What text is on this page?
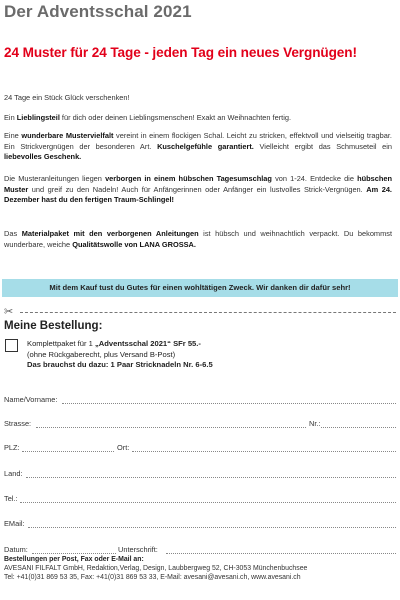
Der Adventsschal 2021
24 Muster für 24 Tage - jeden Tag ein neues Vergnügen!

24 Tage ein Stück Glück verschenken!

Ein Lieblingsteil für dich oder deinen Lieblingsmenschen! Exakt an Weihnachten fertig.

Eine wunderbare Mustervielfalt vereint in einem flockigen Schal. Leicht zu stricken, effektvoll und vielseitig tragbar. Ein Strickvergnügen der besonderen Art. Kuschelgefühle garantiert. Vielleicht ergibt das Schmuseteil ein liebevolles Geschenk.

Die Musteranleitungen liegen verborgen in einem hübschen Tagesumschlag von 1-24. Entdecke die hübschen Muster und greif zu den Nadeln! Auch für Anfängerinnen oder Anfänger ein lustvolles Strick-Vergnügen. Am 24. Dezember hast du den fertigen Traum-Schlingel!

Das Materialpaket mit den verborgenen Anleitungen ist hübsch und weihnachtlich verpackt. Du bekommst wunderbare, weiche Qualitätswolle von LANA GROSSA.

Mit dem Kauf tust du Gutes für einen wohltätigen Zweck. Wir danken dir dafür sehr!
✂
Meine Bestellung:
Komplettpaket für 1 „Adventsschal 2021“ SFr 55.-
(ohne Rückgaberecht, plus Versand B-Post)
Das brauchst du dazu: 1 Paar Stricknadeln Nr. 6-6.5
Name/Vorname:
Strasse:	Nr.:
PLZ:	Ort:
Land:
Tel.:
EMail:
Datum:	Unterschrift:
Bestellungen per Post, Fax oder E-Mail an:
AVESANI FILFALT GmbH, Redaktion,Verlag, Design, Laubbergweg 52, CH-3053 Münchenbuchsee
Tel: +41(0)31 869 53 35, Fax: +41(0)31 869 53 33, E-Mail: avesani@avesani.ch, www.avesani.ch
